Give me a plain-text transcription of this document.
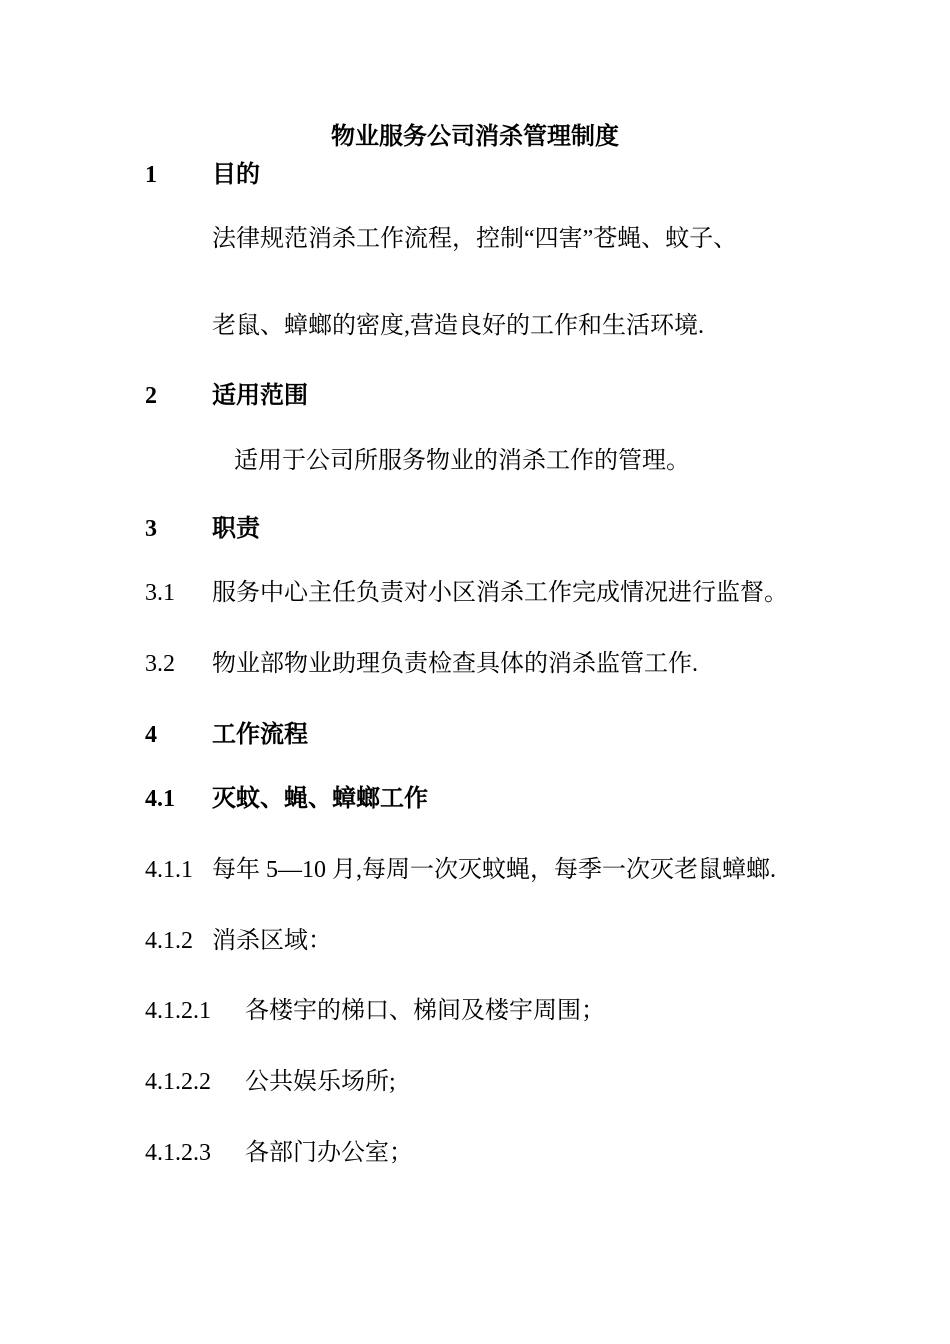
物业服务公司消杀管理制度
1 目的
法律规范消杀工作流程，控制“四害”苍蝇、蚊子、
老鼠、蟑螂的密度,营造良好的工作和生活环境.
2 适用范围
适用于公司所服务物业的消杀工作的管理。
3 职责
3.1 服务中心主任负责对小区消杀工作完成情况进行监督。
3.2 物业部物业助理负责检查具体的消杀监管工作.
4 工作流程
4.1 灭蚊、蝇、蟑螂工作
4.1.1 每年 5—10 月,每周一次灭蚊蝇，每季一次灭老鼠蟑螂.
4.1.2 消杀区域：
4.1.2.1 各楼宇的梯口、梯间及楼宇周围；
4.1.2.2 公共娱乐场所;
4.1.2.3 各部门办公室；
